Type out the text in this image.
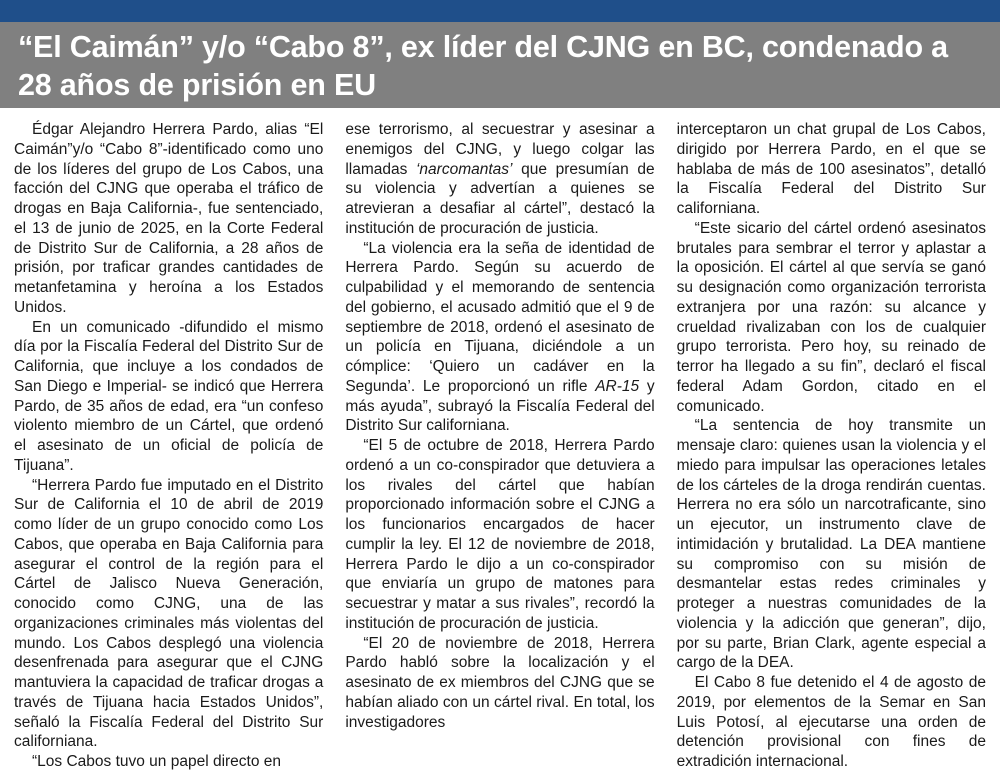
“El Caimán” y/o “Cabo 8”, ex líder del CJNG en BC, condenado a 28 años de prisión en EU

Édgar Alejandro Herrera Pardo, alias “El Caimán”y/o “Cabo 8”-identificado como uno de los líderes del grupo de Los Cabos, una facción del CJNG que operaba el tráfico de drogas en Baja California-, fue sentenciado, el 13 de junio de 2025, en la Corte Federal de Distrito Sur de California, a 28 años de prisión, por traficar grandes cantidades de metanfetamina y heroína a los Estados Unidos.

En un comunicado -difundido el mismo día por la Fiscalía Federal del Distrito Sur de California, que incluye a los condados de San Diego e Imperial- se indicó que Herrera Pardo, de 35 años de edad, era “un confeso violento miembro de un Cártel, que ordenó el asesinato de un oficial de policía de Tijuana”.

“Herrera Pardo fue imputado en el Distrito Sur de California el 10 de abril de 2019 como líder de un grupo conocido como Los Cabos, que operaba en Baja California para asegurar el control de la región para el Cártel de Jalisco Nueva Generación, conocido como CJNG, una de las organizaciones criminales más violentas del mundo. Los Cabos desplegó una violencia desenfrenada para asegurar que el CJNG mantuviera la capacidad de traficar drogas a través de Tijuana hacia Estados Unidos”, señaló la Fiscalía Federal del Distrito Sur californiana.

“Los Cabos tuvo un papel directo en

ese terrorismo, al secuestrar y asesinar a enemigos del CJNG, y luego colgar las llamadas ‘narcomantas’ que presumían de su violencia y advertían a quienes se atrevieran a desafiar al cártel”, destacó la institución de procuración de justicia.

“La violencia era la seña de identidad de Herrera Pardo. Según su acuerdo de culpabilidad y el memorando de sentencia del gobierno, el acusado admitió que el 9 de septiembre de 2018, ordenó el asesinato de un policía en Tijuana, diciéndole a un cómplice: ‘Quiero un cadáver en la Segunda’. Le proporcionó un rifle AR-15 y más ayuda”, subrayó la Fiscalía Federal del Distrito Sur californiana.

“El 5 de octubre de 2018, Herrera Pardo ordenó a un co-conspirador que detuviera a los rivales del cártel que habían proporcionado información sobre el CJNG a los funcionarios encargados de hacer cumplir la ley. El 12 de noviembre de 2018, Herrera Pardo le dijo a un co-conspirador que enviaría un grupo de matones para secuestrar y matar a sus rivales”, recordó la institución de procuración de justicia.

“El 20 de noviembre de 2018, Herrera Pardo habló sobre la localización y el asesinato de ex miembros del CJNG que se habían aliado con un cártel rival. En total, los investigadores

interceptaron un chat grupal de Los Cabos, dirigido por Herrera Pardo, en el que se hablaba de más de 100 asesinatos”, detalló la Fiscalía Federal del Distrito Sur californiana.

“Este sicario del cártel ordenó asesinatos brutales para sembrar el terror y aplastar a la oposición. El cártel al que servía se ganó su designación como organización terrorista extranjera por una razón: su alcance y crueldad rivalizaban con los de cualquier grupo terrorista. Pero hoy, su reinado de terror ha llegado a su fin”, declaró el fiscal federal Adam Gordon, citado en el comunicado.

“La sentencia de hoy transmite un mensaje claro: quienes usan la violencia y el miedo para impulsar las operaciones letales de los cárteles de la droga rendirán cuentas. Herrera no era sólo un narcotraficante, sino un ejecutor, un instrumento clave de intimidación y brutalidad. La DEA mantiene su compromiso con su misión de desmantelar estas redes criminales y proteger a nuestras comunidades de la violencia y la adicción que generan”, dijo, por su parte, Brian Clark, agente especial a cargo de la DEA.

El Cabo 8 fue detenido el 4 de agosto de 2019, por elementos de la Semar en San Luis Potosí, al ejecutarse una orden de detención provisional con fines de extradición internacional.
